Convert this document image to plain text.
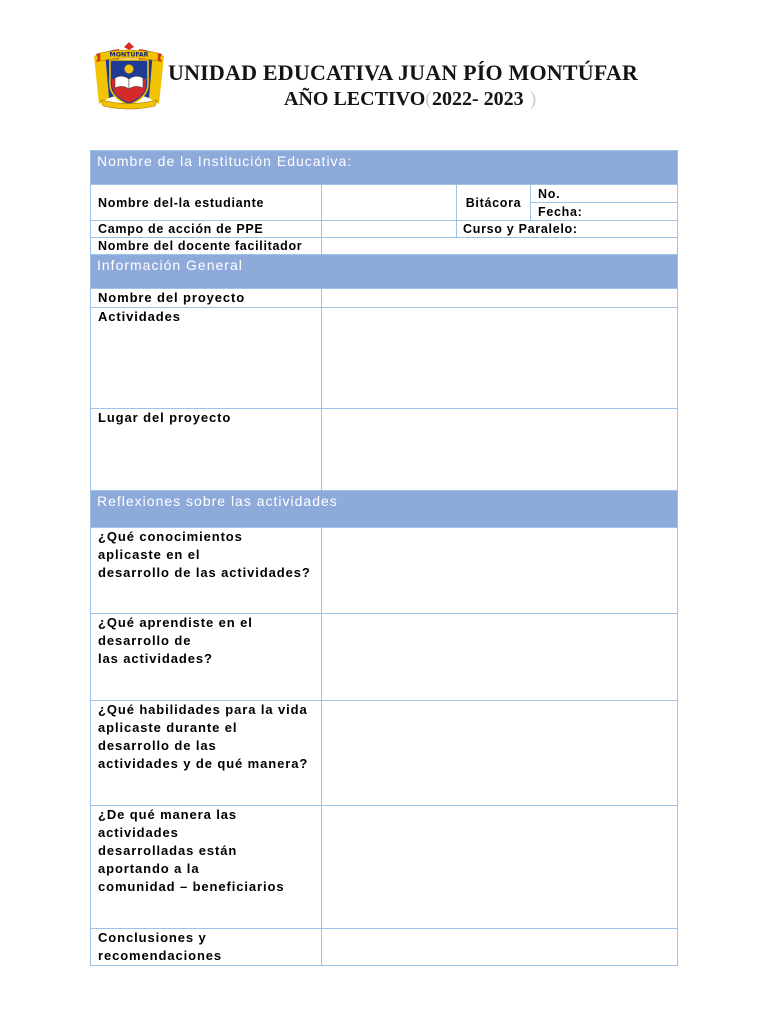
MONTÚFAR
UNIDAD EDUCATIVA JUAN PÍO MONTÚFAR
AÑO LECTIVO(2022- 2023 )
Nombre de la Institución Educativa:
Nombre del-la estudiante	Bitácora
No.
Fecha:
Campo de acción de PPE	Curso y Paralelo:
Nombre del docente facilitador
Información General
Nombre del proyecto
Actividades
Lugar del proyecto
Reflexiones sobre las actividades
¿Qué conocimientos
aplicaste en el
desarrollo de las actividades?
¿Qué aprendiste en el
desarrollo de
las actividades?
¿Qué habilidades para la vida
aplicaste durante el
desarrollo de las
actividades y de qué manera?
¿De qué manera las
actividades
desarrolladas están
aportando a la
comunidad – beneficiarios
Conclusiones y
recomendaciones
